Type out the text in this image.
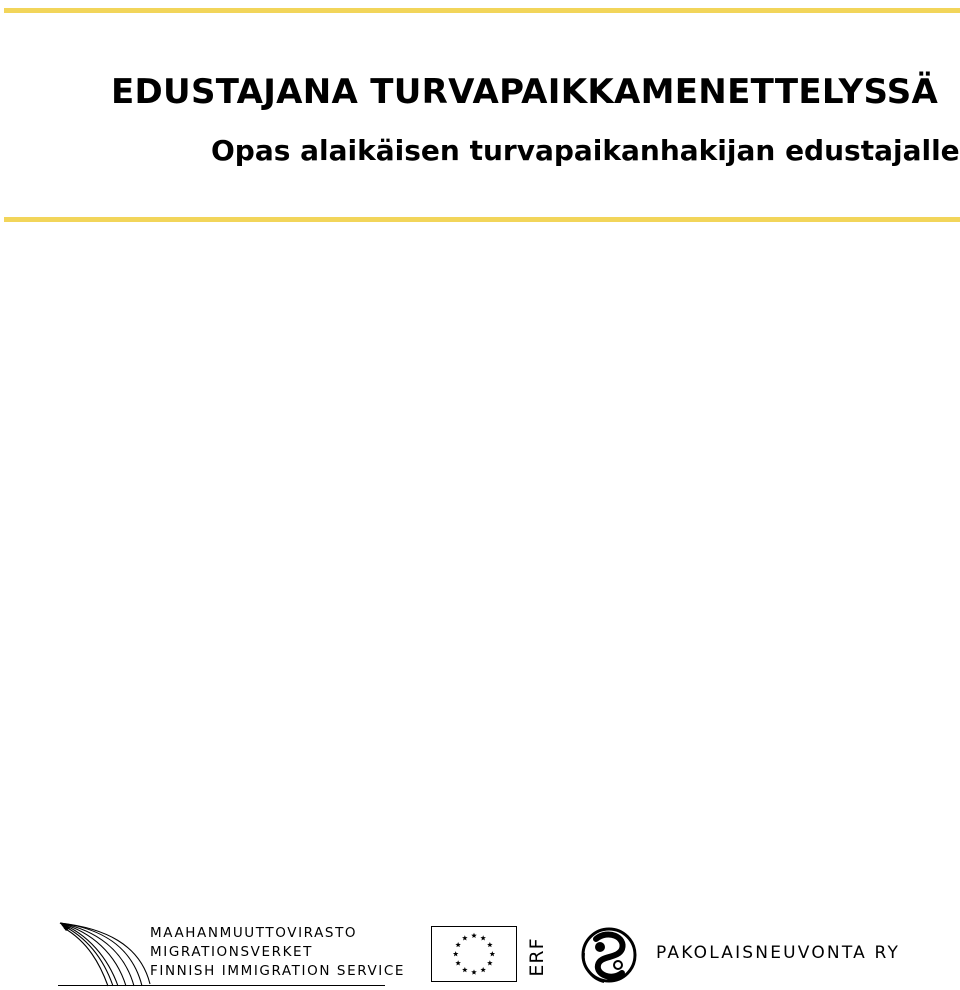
EDUSTAJANA TURVAPAIKKAMENETTELYSSÄ
Opas alaikäisen turvapaikanhakijan edustajalle
MAAHANMUUTTOVIRASTO
MIGRATIONSVERKET
FINNISH IMMIGRATION SERVICE	ERF	PAKOLAISNEUVONTA RY
